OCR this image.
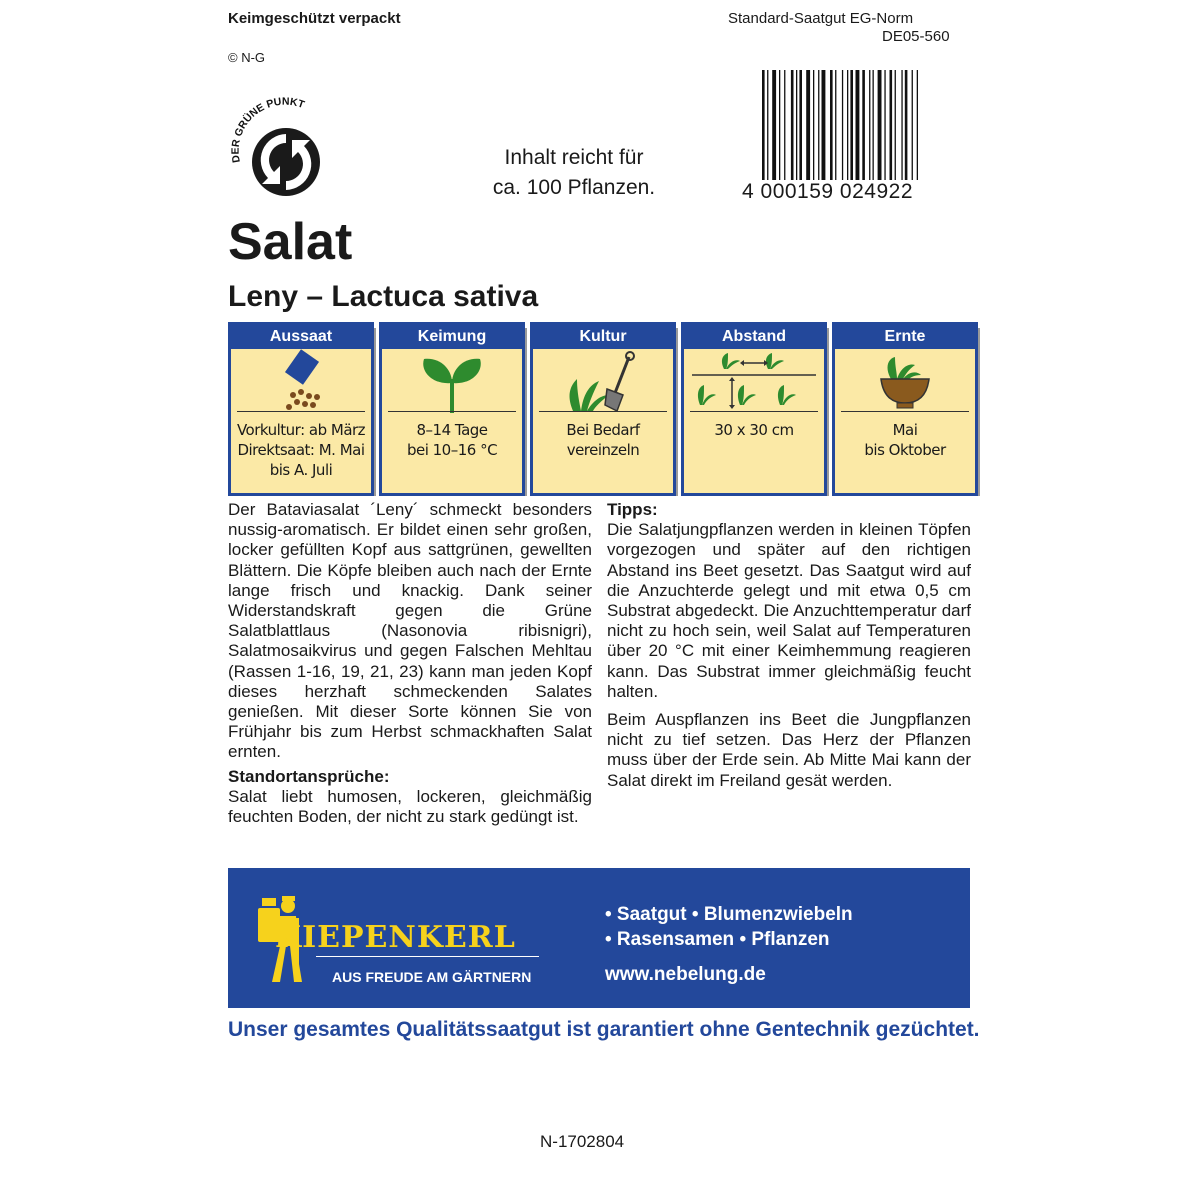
Keimgeschützt verpackt
© N-G
Standard-Saatgut EG-Norm
DE05-560
DER GRÜNE PUNKT
Inhalt reicht für
ca. 100 Pflanzen.	4 000159 024922
Salat
Leny – Lactuca sativa
Aussaat
Vorkultur: ab März
Direktsaat: M. Mai
bis A. Juli
Keimung
8–14 Tage
bei 10–16 °C
Kultur
Bei Bedarf
vereinzeln
Abstand
30 x 30 cm
Ernte
Mai
bis Oktober

Der Bataviasalat ´Leny´ schmeckt besonders nussig-aromatisch. Er bildet einen sehr großen, locker gefüllten Kopf aus sattgrünen, gewellten Blättern. Die Köpfe bleiben auch nach der Ernte lange frisch und knackig. Dank seiner Widerstandskraft gegen die Grüne Salatblattlaus (Nasonovia ribisnigri), Salatmosaikvirus und gegen Falschen Mehltau (Rassen 1-16, 19, 21, 23) kann man jeden Kopf dieses herzhaft schmeckenden Salates genießen. Mit dieser Sorte können Sie von Frühjahr bis zum Herbst schmackhaften Salat ernten.

Standortansprüche:

Salat liebt humosen, lockeren, gleichmäßig feuchten Boden, der nicht zu stark gedüngt ist.

Tipps:

Die Salatjungpflanzen werden in kleinen Töpfen vorgezogen und später auf den richtigen Abstand ins Beet gesetzt. Das Saatgut wird auf die Anzuchterde gelegt und mit etwa 0,5 cm Substrat abgedeckt. Die Anzuchttemperatur darf nicht zu hoch sein, weil Salat auf Temperaturen über 20 °C mit einer Keimhemmung reagieren kann. Das Substrat immer gleichmäßig feucht halten.

Beim Auspflanzen ins Beet die Jungpflanzen nicht zu tief setzen. Das Herz der Pflanzen muss über der Erde sein. Ab Mitte Mai kann der Salat direkt im Freiland gesät werden.

KIEPENKERL
AUS FREUDE AM GÄRTNERN
• Saatgut • Blumenzwiebeln
• Rasensamen • Pflanzen
www.nebelung.de
Unser gesamtes Qualitätssaatgut ist garantiert ohne Gentechnik gezüchtet.
N-1702804
